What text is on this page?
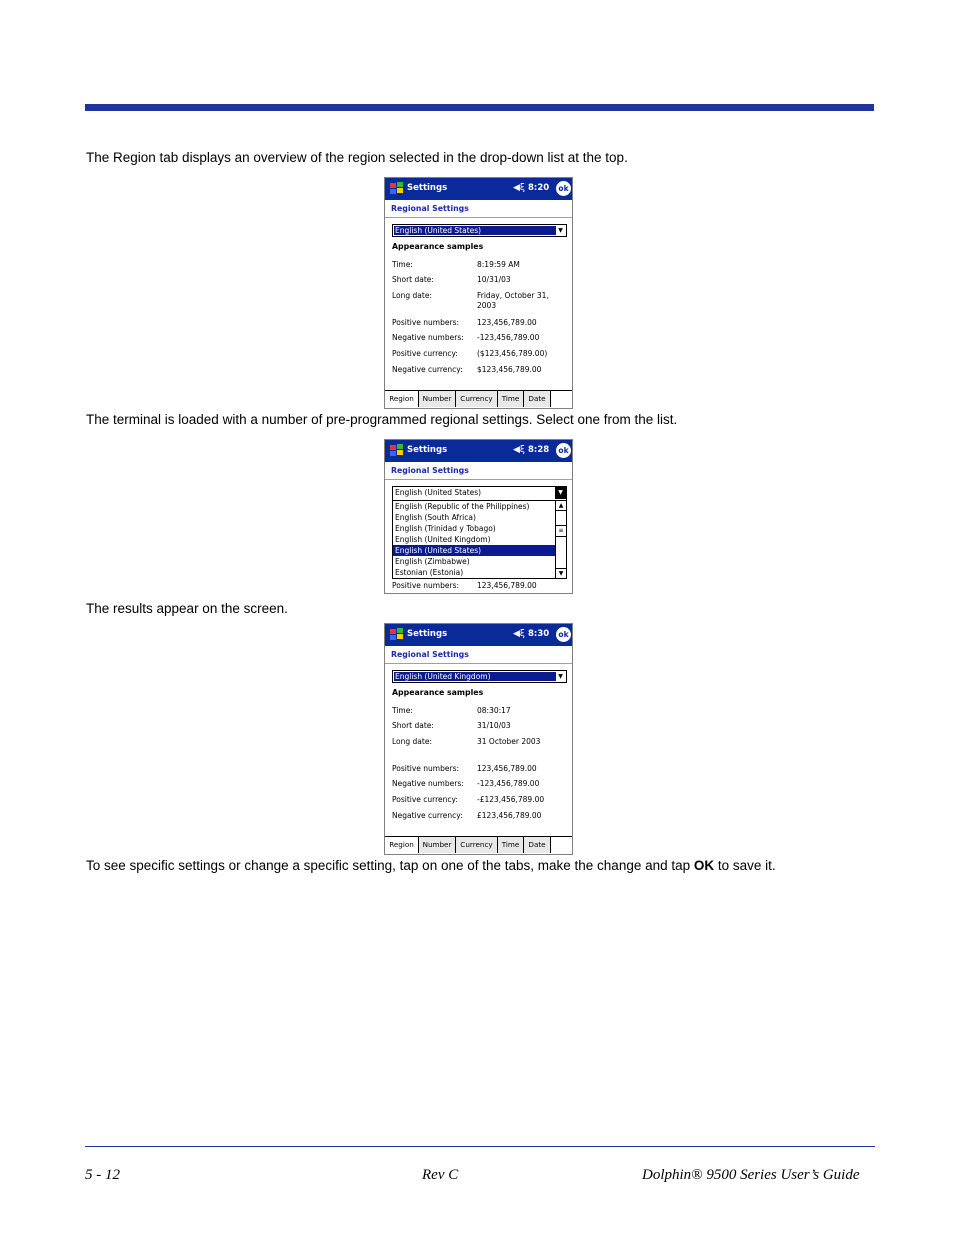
The Region tab displays an overview of the region selected in the drop-down list at the top.
Settings	◀ξ 8:20	ok
Regional Settings
English (United States)	▼
Appearance samples
Time:	8:19:59 AM
Short date:	10/31/03
Long date:	Friday, October 31,
2003
Positive numbers: 123,456,789.00
Negative numbers: -123,456,789.00
Positive currency:	($123,456,789.00)
Negative currency: $123,456,789.00
Region	Number	Currency	Time	Date
The terminal is loaded with a number of pre-programmed regional settings. Select one from the list.
Settings	◀ξ 8:28	ok
Regional Settings
English (United States)	▼
English (Republic of the Philippines)
English (South Africa)
English (Trinidad y Tobago)
English (United Kingdom)
English (United States)
English (Zimbabwe)
Estonian (Estonia)
▲
≡
▼
Positive numbers: 123,456,789.00
The results appear on the screen.
Settings	◀ξ 8:30	ok
Regional Settings
English (United Kingdom)	▼
Appearance samples
Time:	08:30:17
Short date:	31/10/03
Long date:	31 October 2003
Positive numbers: 123,456,789.00
Negative numbers: -123,456,789.00
Positive currency:	-£123,456,789.00
Negative currency: £123,456,789.00
Region	Number	Currency	Time	Date
To see specific settings or change a specific setting, tap on one of the tabs, make the change and tap OK to save it.
5 - 12	Rev C	Dolphin® 9500 Series User’s Guide
